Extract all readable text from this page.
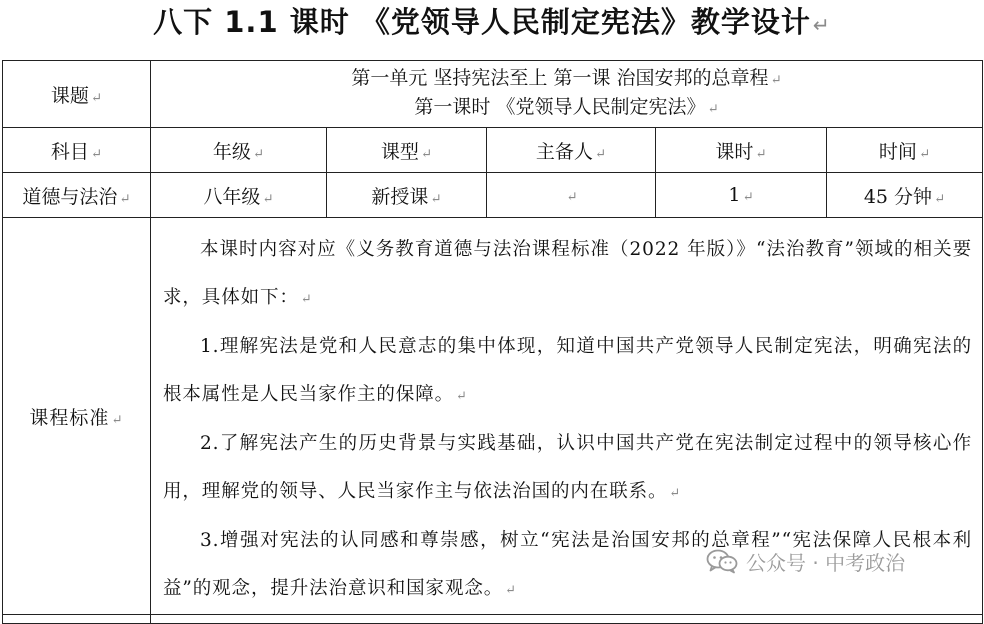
八下 1.1 课时 《党领导人民制定宪法》教学设计↵
课题 ↵	第一单元 坚持宪法至上 第一课 治国安邦的总章程 ↵
第一课时 《党领导人民制定宪法》 ↵				

科目 ↵	年级 ↵	课型 ↵	主备人 ↵	课时 ↵	时间 ↵
道德与法治 ↵	八年级 ↵	新授课 ↵	↵	1 ↵	45 分钟 ↵
课程标准 ↵	本课时内容对应《义务教育道德与法治课程标准（2022 年版）》“法治教育”领域的相关要求，具体如下： ↵

1.理解宪法是党和人民意志的集中体现，知道中国共产党领导人民制定宪法，明确宪法的根本属性是人民当家作主的保障。 ↵

2.了解宪法产生的历史背景与实践基础，认识中国共产党在宪法制定过程中的领导核心作用，理解党的领导、人民当家作主与依法治国的内在联系。 ↵

3.增强对宪法的认同感和尊崇感，树立“宪法是治国安邦的总章程”“宪法保障人民根本利益”的观念，提升法治意识和国家观念。 ↵				

公众号 · 中考政治
